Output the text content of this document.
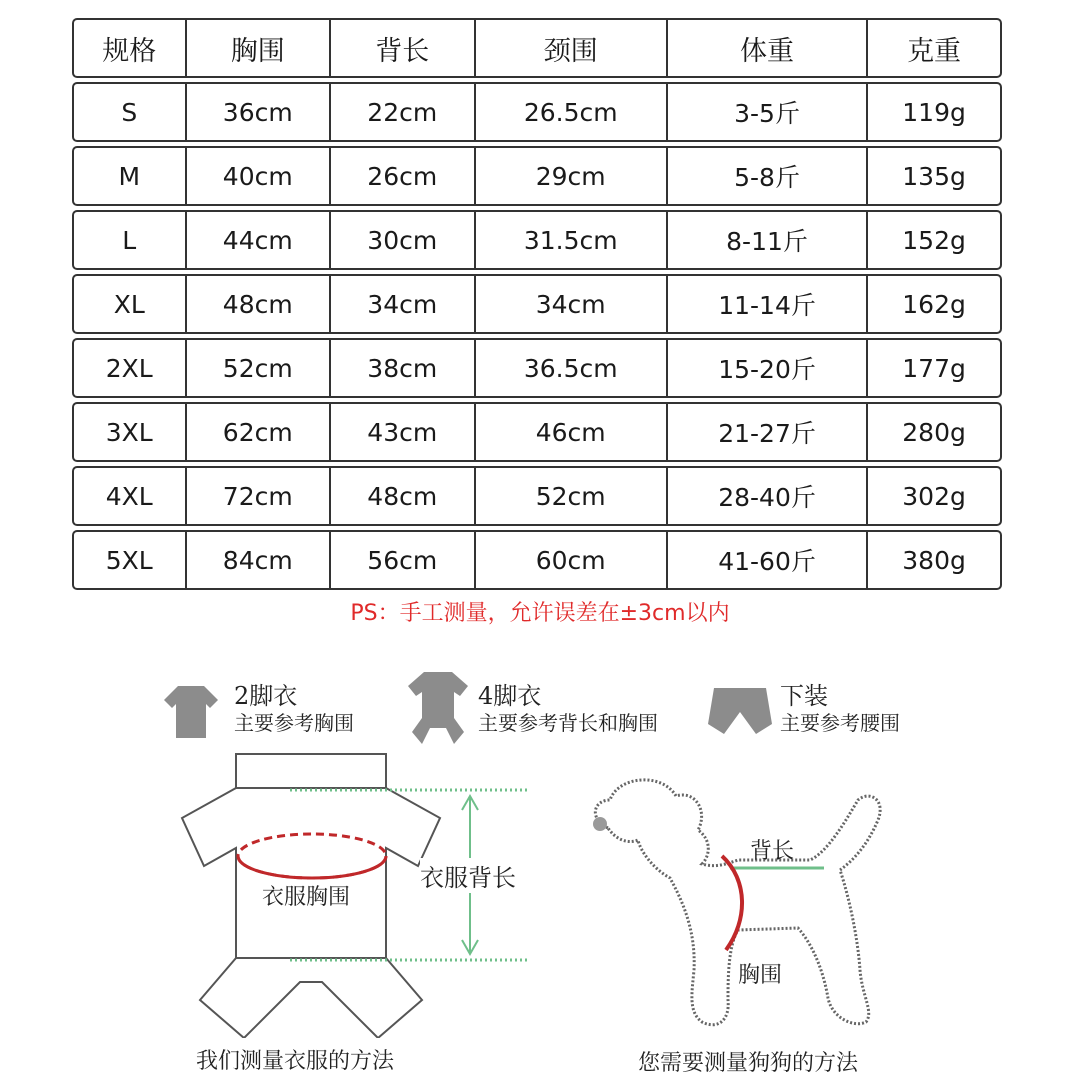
规格	胸围	背长	颈围	体重	克重
S	36cm	22cm	26.5cm	3-5斤	119g
M	40cm	26cm	29cm	5-8斤	135g
L	44cm	30cm	31.5cm	8-11斤	152g
XL	48cm	34cm	34cm	11-14斤	162g
2XL	52cm	38cm	36.5cm	15-20斤	177g
3XL	62cm	43cm	46cm	21-27斤	280g
4XL	72cm	48cm	52cm	28-40斤	302g
5XL	84cm	56cm	60cm	41-60斤	380g
PS：手工测量，允许误差在±3cm以内
2脚衣
主要参考胸围
4脚衣
主要参考背长和胸围
下装
主要参考腰围
衣服胸围
衣服背长
我们测量衣服的方法
背长
胸围
您需要测量狗狗的方法
